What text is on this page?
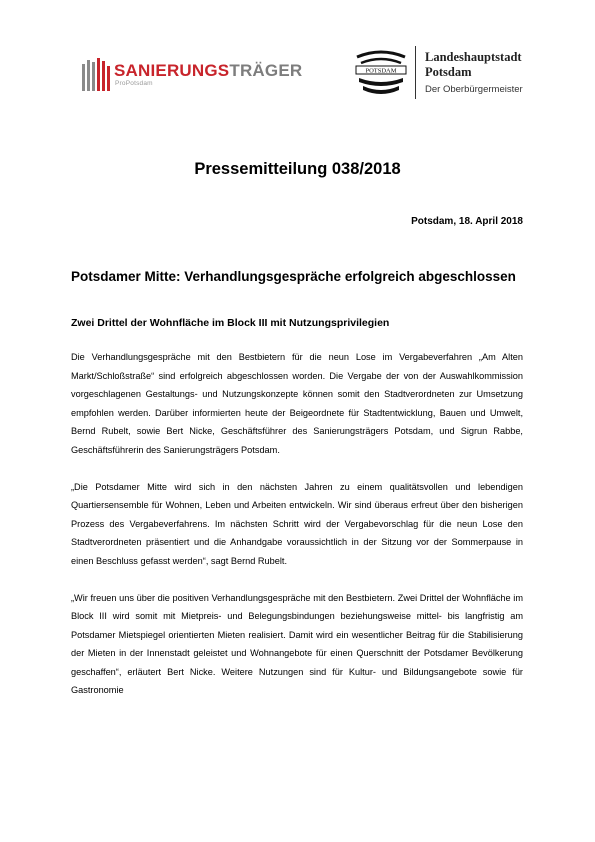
SANIERUNGSTRÄGER
ProPotsdam
POTSDAM
Landeshauptstadt
Potsdam
Der Oberbürgermeister
Pressemitteilung 038/2018
Potsdam, 18. April 2018
Potsdamer Mitte: Verhandlungsgespräche erfolgreich abgeschlossen
Zwei Drittel der Wohnfläche im Block III mit Nutzungsprivilegien

Die Verhandlungsgespräche mit den Bestbietern für die neun Lose im Vergabeverfahren „Am Alten Markt/Schloßstraße“ sind erfolgreich abgeschlossen worden. Die Vergabe der von der Auswahlkommission vorgeschlagenen Gestaltungs- und Nutzungskonzepte können somit den Stadtverordneten zur Umsetzung empfohlen werden. Darüber informierten heute der Beigeordnete für Stadtentwicklung, Bauen und Umwelt, Bernd Rubelt, sowie Bert Nicke, Geschäftsführer des Sanierungsträgers Potsdam, und Sigrun Rabbe, Geschäftsführerin des Sanierungsträgers Potsdam.

„Die Potsdamer Mitte wird sich in den nächsten Jahren zu einem qualitätsvollen und lebendigen Quartiersensemble für Wohnen, Leben und Arbeiten entwickeln. Wir sind überaus erfreut über den bisherigen Prozess des Vergabeverfahrens. Im nächsten Schritt wird der Vergabevorschlag für die neun Lose den Stadtverordneten präsentiert und die Anhandgabe voraussichtlich in der Sitzung vor der Sommerpause in einen Beschluss gefasst werden“, sagt Bernd Rubelt.

„Wir freuen uns über die positiven Verhandlungsgespräche mit den Bestbietern. Zwei Drittel der Wohnfläche im Block III wird somit mit Mietpreis- und Belegungsbindungen beziehungsweise mittel- bis langfristig am Potsdamer Mietspiegel orientierten Mieten realisiert. Damit wird ein wesentlicher Beitrag für die Stabilisierung der Mieten in der Innenstadt geleistet und Wohnangebote für einen Querschnitt der Potsdamer Bevölkerung geschaffen“, erläutert Bert Nicke. Weitere Nutzungen sind für Kultur- und Bildungsangebote sowie für Gastronomie
